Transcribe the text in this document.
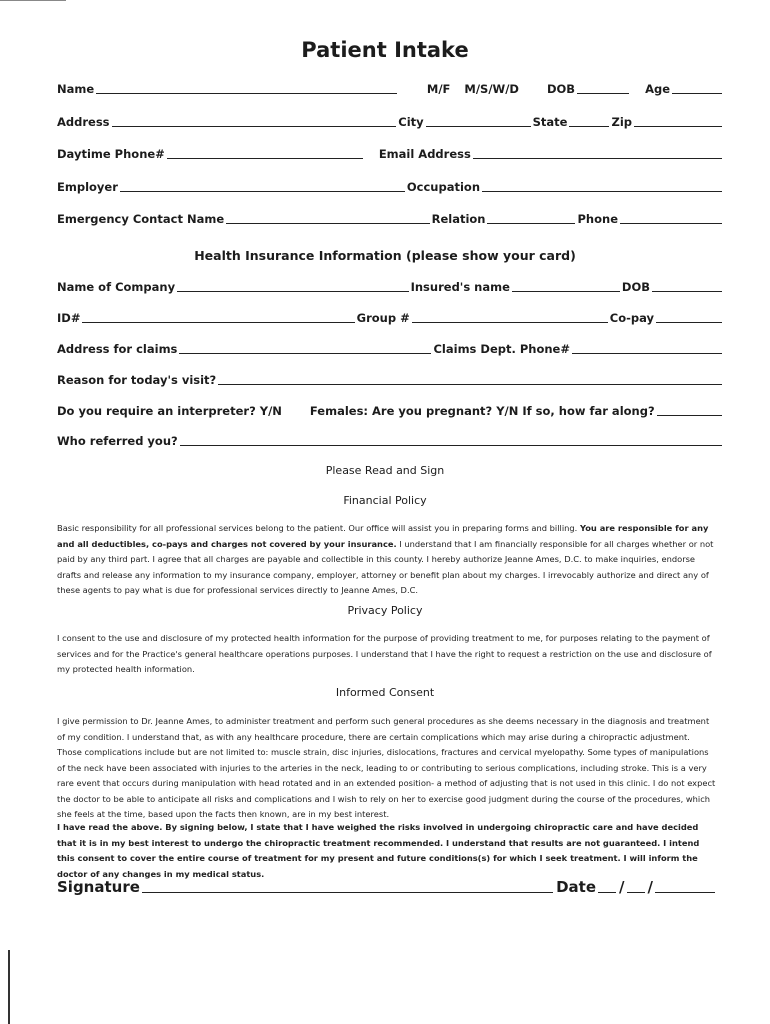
Patient Intake
Name	M/F M/S/W/D DOB	Age
Address	City	State	Zip
Daytime Phone#	Email Address
Employer	Occupation
Emergency Contact Name	Relation	Phone
Health Insurance Information (please show your card)
Name of Company	Insured's name	DOB
ID#	Group #	Co-pay
Address for claims	Claims Dept. Phone#
Reason for today's visit?
Do you require an interpreter? Y/N Females: Are you pregnant? Y/N If so, how far along?
Who referred you?
Please Read and Sign
Financial Policy
Basic responsibility for all professional services belong to the patient. Our office will assist you in preparing forms and billing. You are responsible for any and all deductibles, co-pays and charges not covered by your insurance. I understand that I am financially responsible for all charges whether or not paid by any third part. I agree that all charges are payable and collectible in this county. I hereby authorize Jeanne Ames, D.C. to make inquiries, endorse drafts and release any information to my insurance company, employer, attorney or benefit plan about my charges. I irrevocably authorize and direct any of these agents to pay what is due for professional services directly to Jeanne Ames, D.C.
Privacy Policy
I consent to the use and disclosure of my protected health information for the purpose of providing treatment to me, for purposes relating to the payment of services and for the Practice's general healthcare operations purposes. I understand that I have the right to request a restriction on the use and disclosure of my protected health information.
Informed Consent
I give permission to Dr. Jeanne Ames, to administer treatment and perform such general procedures as she deems necessary in the diagnosis and treatment of my condition. I understand that, as with any healthcare procedure, there are certain complications which may arise during a chiropractic adjustment. Those complications include but are not limited to: muscle strain, disc injuries, dislocations, fractures and cervical myelopathy. Some types of manipulations of the neck have been associated with injuries to the arteries in the neck, leading to or contributing to serious complications, including stroke. This is a very rare event that occurs during manipulation with head rotated and in an extended position- a method of adjusting that is not used in this clinic. I do not expect the doctor to be able to anticipate all risks and complications and I wish to rely on her to exercise good judgment during the course of the procedures, which she feels at the time, based upon the facts then known, are in my best interest.
I have read the above. By signing below, I state that I have weighed the risks involved in undergoing chiropractic care and have decided that it is in my best interest to undergo the chiropractic treatment recommended. I understand that results are not guaranteed. I intend this consent to cover the entire course of treatment for my present and future conditions(s) for which I seek treatment. I will inform the doctor of any changes in my medical status.
Signature	Date / /
